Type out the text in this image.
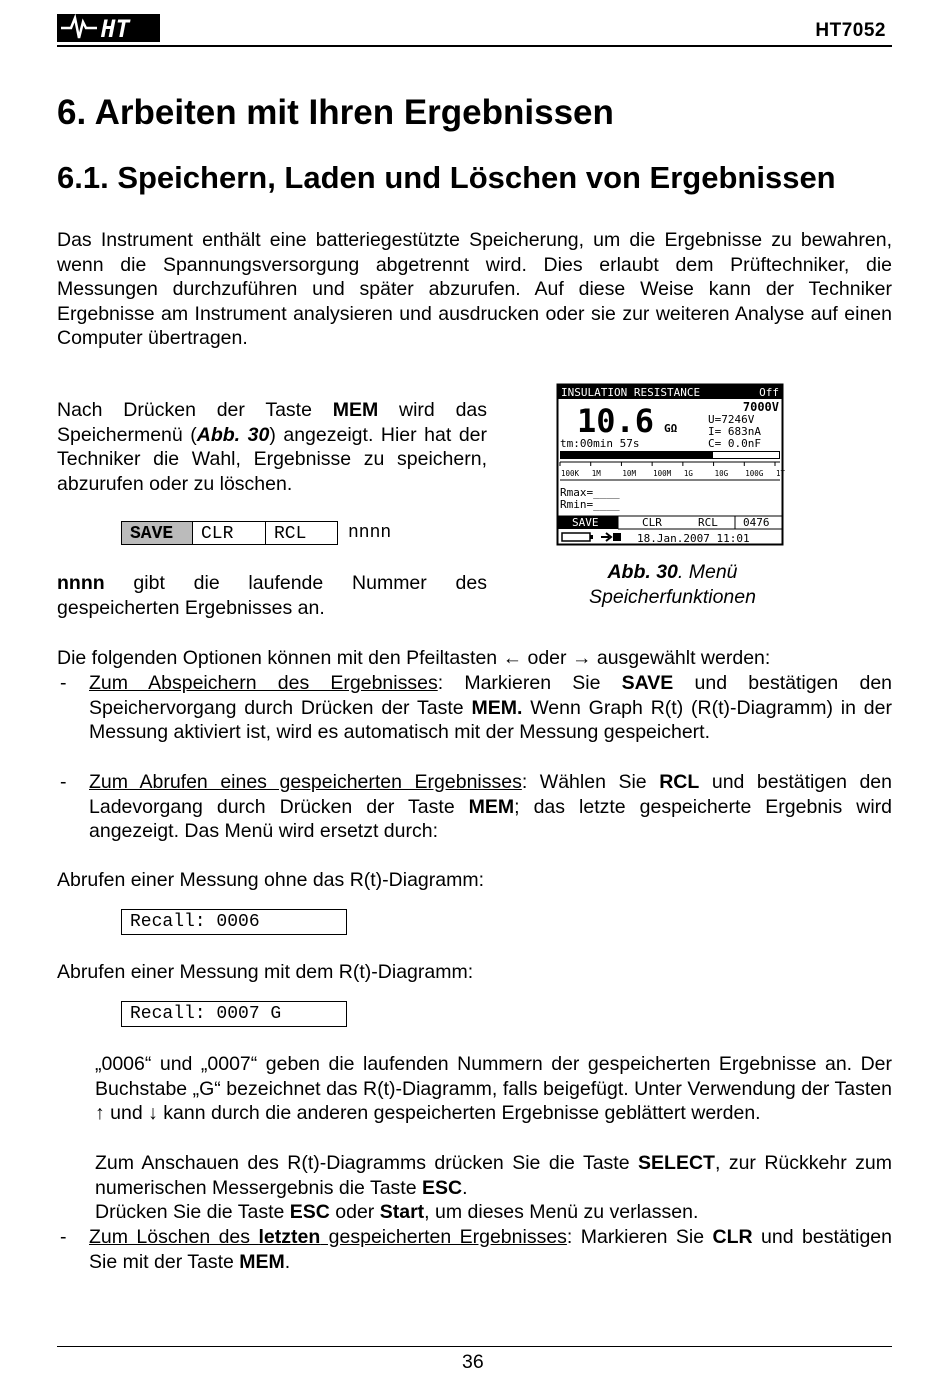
HT	HT7052
6. Arbeiten mit Ihren Ergebnissen
6.1. Speichern, Laden und Löschen von Ergebnissen
Das Instrument enthält eine batteriegestützte Speicherung, um die Ergebnisse zu bewahren, wenn die Spannungsversorgung abgetrennt wird. Dies erlaubt dem Prüftechniker, die Messungen durchzuführen und später abzurufen. Auf diese Weise kann der Techniker Ergebnisse am Instrument analysieren und ausdrucken oder sie zur weiteren Analyse auf einen Computer übertragen.
Nach Drücken der Taste MEM wird das Speichermenü (Abb. 30) angezeigt. Hier hat der Techniker die Wahl, Ergebnisse zu speichern, abzurufen oder zu löschen.
SAVE	CLR	RCL	nnnn
nnnn gibt die laufende Nummer des gespeicherten Ergebnisses an.
INSULATION RESISTANCE	Off
7000V
10.6 GΩ
U=7246V
I= 683nA
C= 0.0nF
tm:00min 57s
100K 1M	10M 100M 1G	10G 100G 1T
Rmax=____
Rmin=____
SAVE	CLR	RCL 0476
18.Jan.2007 11:01
Abb. 30. Menü
Speicherfunktionen
Die folgenden Optionen können mit den Pfeiltasten ← oder → ausgewählt werden:
- Zum Abspeichern des Ergebnisses: Markieren Sie SAVE und bestätigen den Speichervorgang durch Drücken der Taste MEM. Wenn Graph R(t) (R(t)-Diagramm) in der Messung aktiviert ist, wird es automatisch mit der Messung gespeichert.
- Zum Abrufen eines gespeicherten Ergebnisses: Wählen Sie RCL und bestätigen den Ladevorgang durch Drücken der Taste MEM; das letzte gespeicherte Ergebnis wird angezeigt. Das Menü wird ersetzt durch:
Abrufen einer Messung ohne das R(t)-Diagramm:
Recall: 0006
Abrufen einer Messung mit dem R(t)-Diagramm:
Recall: 0007 G
„0006“ und „0007“ geben die laufenden Nummern der gespeicherten Ergebnisse an. Der Buchstabe „G“ bezeichnet das R(t)-Diagramm, falls beigefügt. Unter Verwendung der Tasten ↑ und ↓ kann durch die anderen gespeicherten Ergebnisse geblättert werden.
Zum Anschauen des R(t)-Diagramms drücken Sie die Taste SELECT, zur Rückkehr zum numerischen Messergebnis die Taste ESC.
Drücken Sie die Taste ESC oder Start, um dieses Menü zu verlassen.
- Zum Löschen des letzten gespeicherten Ergebnisses: Markieren Sie CLR und bestätigen Sie mit der Taste MEM.
36
